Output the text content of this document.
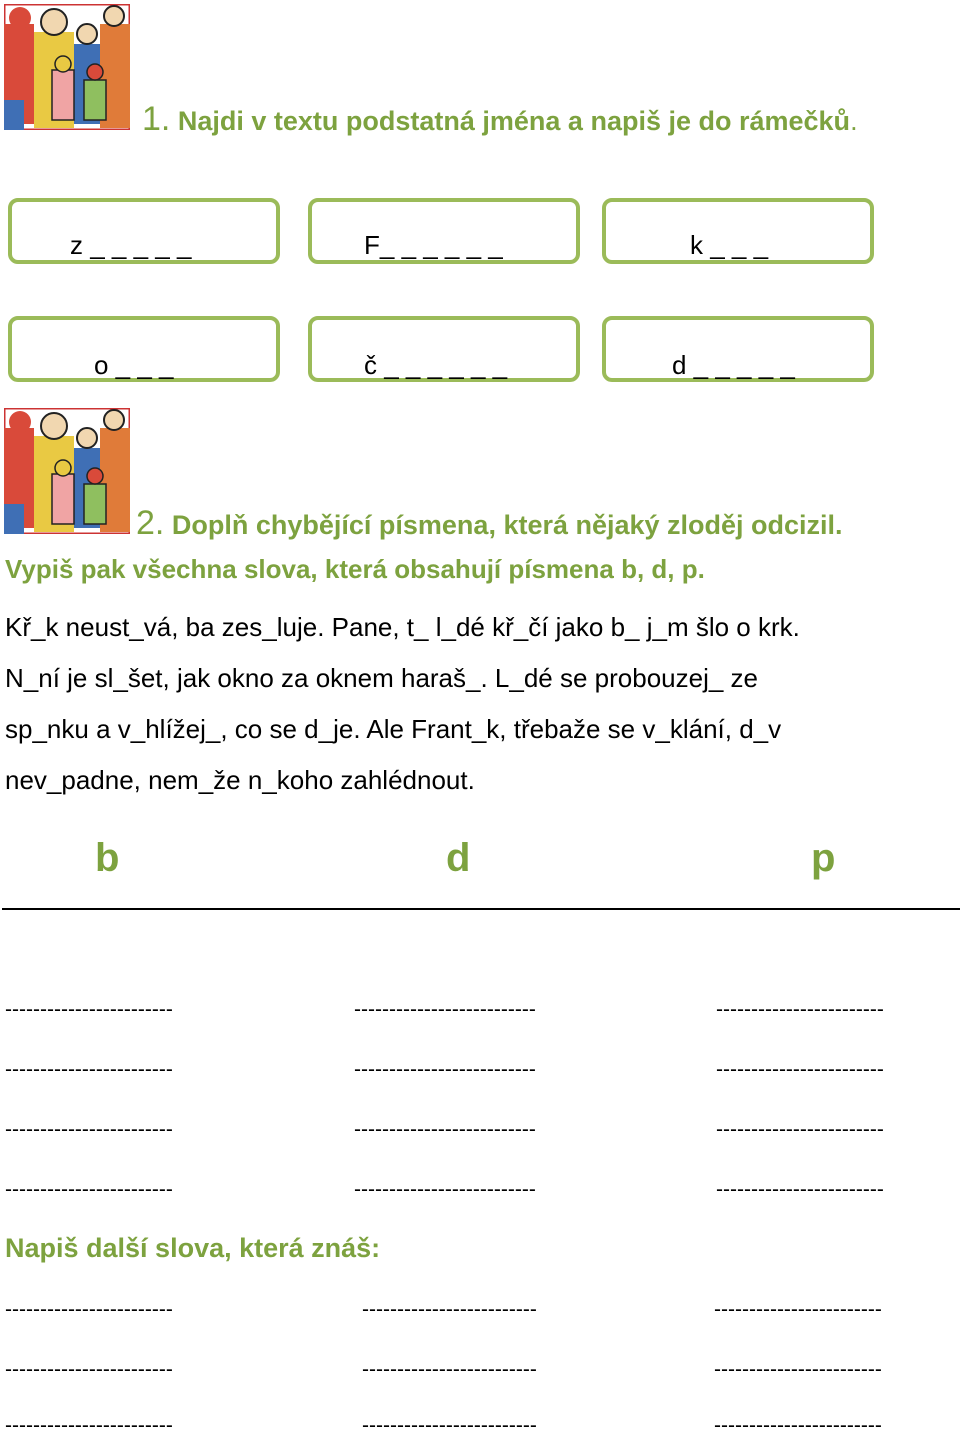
1. Najdi v textu podstatná jména a napiš je do rámečků.
z _ _ _ _ _	F_ _ _ _ _ _	k _ _ _
o _ _ _	č _ _ _ _ _ _	d _ _ _ _ _
2. Doplň chybějící písmena, která nějaký zloděj odcizil.
Vypiš pak všechna slova, která obsahují písmena b, d, p.
Kř_k neust_vá, ba zes_luje. Pane, t_ l_dé kř_čí jako b_ j_m šlo o krk.
N_ní je sl_šet, jak okno za oknem haraš_. L_dé se probouzej_ ze
sp_nku a v_hlížej_, co se d_je. Ale Frant_k, třebaže se v_klání, d_v
nev_padne, nem_že n_koho zahlédnout.
b	d	p
------------------------	--------------------------	------------------------
------------------------	--------------------------	------------------------
------------------------	--------------------------	------------------------
------------------------	--------------------------	------------------------
Napiš další slova, která znáš:
------------------------	-------------------------	------------------------
------------------------	-------------------------	------------------------
------------------------	-------------------------	------------------------
